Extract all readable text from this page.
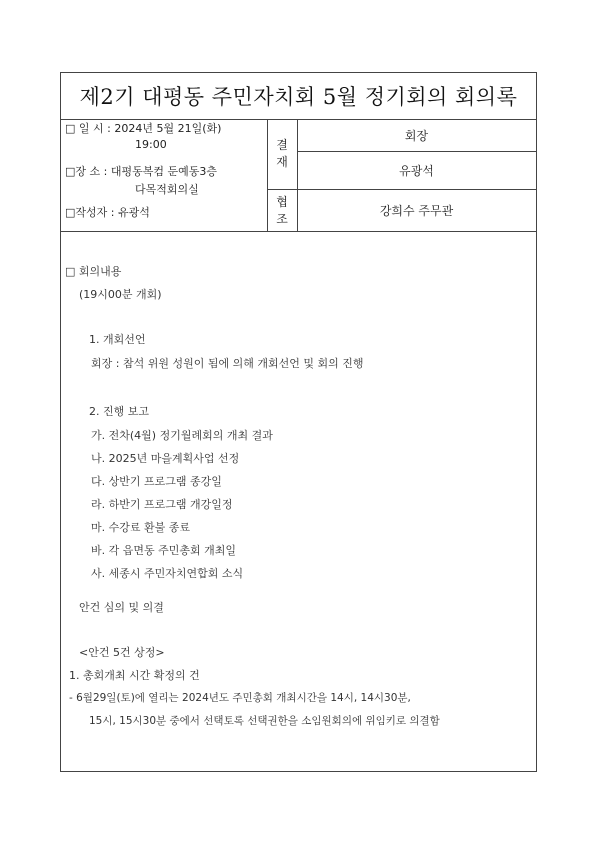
제2기 대평동 주민자치회 5월 정기회의 회의록
□ 일 시 : 2024년 5월 21일(화)
19:00
□장 소 : 대평동복컴 둔예동3층
다목적회의실
□작성자 : 유광석
결
재
협
조
회장
유광석
강희수 주무관
□ 회의내용
(19시00분 개회)
1. 개회선언
회장 : 참석 위원 성원이 됨에 의해 개회선언 및 회의 진행
2. 진행 보고
가. 전차(4월) 정기월례회의 개최 결과
나. 2025년 마을계획사업 선정
다. 상반기 프로그램 종강일
라. 하반기 프로그램 개강일정
마. 수강료 환불 종료
바. 각 읍면동 주민총회 개최일
사. 세종시 주민자치연합회 소식
안건 심의 및 의결
<안건 5건 상정>
1. 총회개최 시간 확정의 건
- 6월29일(토)에 열리는 2024년도 주민총회 개최시간을 14시, 14시30분,
15시, 15시30분 중에서 선택토록 선택권한을 소임원회의에 위임키로 의결함
